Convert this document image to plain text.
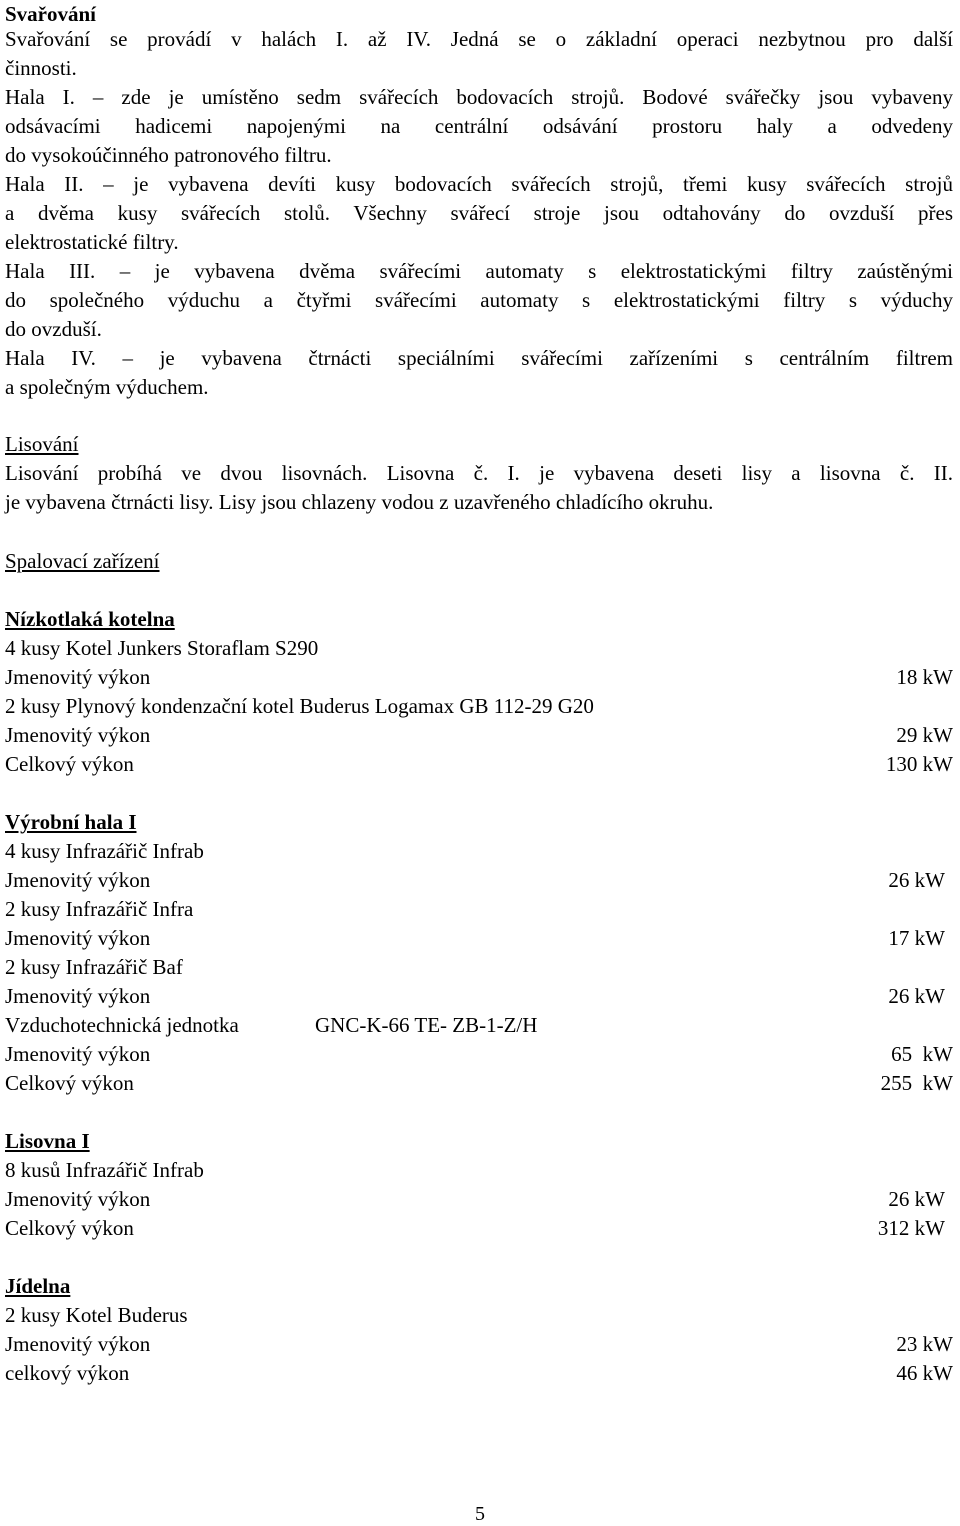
Svařování
Svařování se provádí v halách I. až IV. Jedná se o základní operaci nezbytnou pro další
činnosti.
Hala I. – zde je umístěno sedm svářecích bodovacích strojů. Bodové svářečky jsou vybaveny
odsávacími hadicemi napojenými na centrální odsávání prostoru haly a odvedeny
do vysokoúčinného patronového filtru.
Hala II. – je vybavena devíti kusy bodovacích svářecích strojů, třemi kusy svářecích strojů
a dvěma kusy svářecích stolů. Všechny svářecí stroje jsou odtahovány do ovzduší přes
elektrostatické filtry.
Hala III. – je vybavena dvěma svářecími automaty s elektrostatickými filtry zaústěnými
do společného výduchu a čtyřmi svářecími automaty s elektrostatickými filtry s výduchy
do ovzduší.
Hala IV. – je vybavena čtrnácti speciálními svářecími zařízeními s centrálním filtrem
a společným výduchem.
Lisování
Lisování probíhá ve dvou lisovnách. Lisovna č. I. je vybavena deseti lisy a lisovna č. II.
je vybavena čtrnácti lisy. Lisy jsou chlazeny vodou z uzavřeného chladícího okruhu.
Spalovací zařízení
Nízkotlaká kotelna
4 kusy Kotel Junkers Storaflam S290
Jmenovitý výkon	18 kW
2 kusy Plynový kondenzační kotel Buderus Logamax GB 112-29 G20
Jmenovitý výkon	29 kW
Celkový výkon	130 kW
Výrobní hala I
4 kusy Infrazářič Infrab
Jmenovitý výkon	26 kW
2 kusy Infrazářič Infra
Jmenovitý výkon	17 kW
2 kusy Infrazářič Baf
Jmenovitý výkon	26 kW
Vzduchotechnická jednotka	GNC-K-66 TE- ZB-1-Z/H
Jmenovitý výkon	65  kW
Celkový výkon	255  kW
Lisovna I
8 kusů Infrazářič Infrab
Jmenovitý výkon	26 kW
Celkový výkon	312 kW
Jídelna
2 kusy Kotel Buderus
Jmenovitý výkon	23 kW
celkový výkon	46 kW
5
